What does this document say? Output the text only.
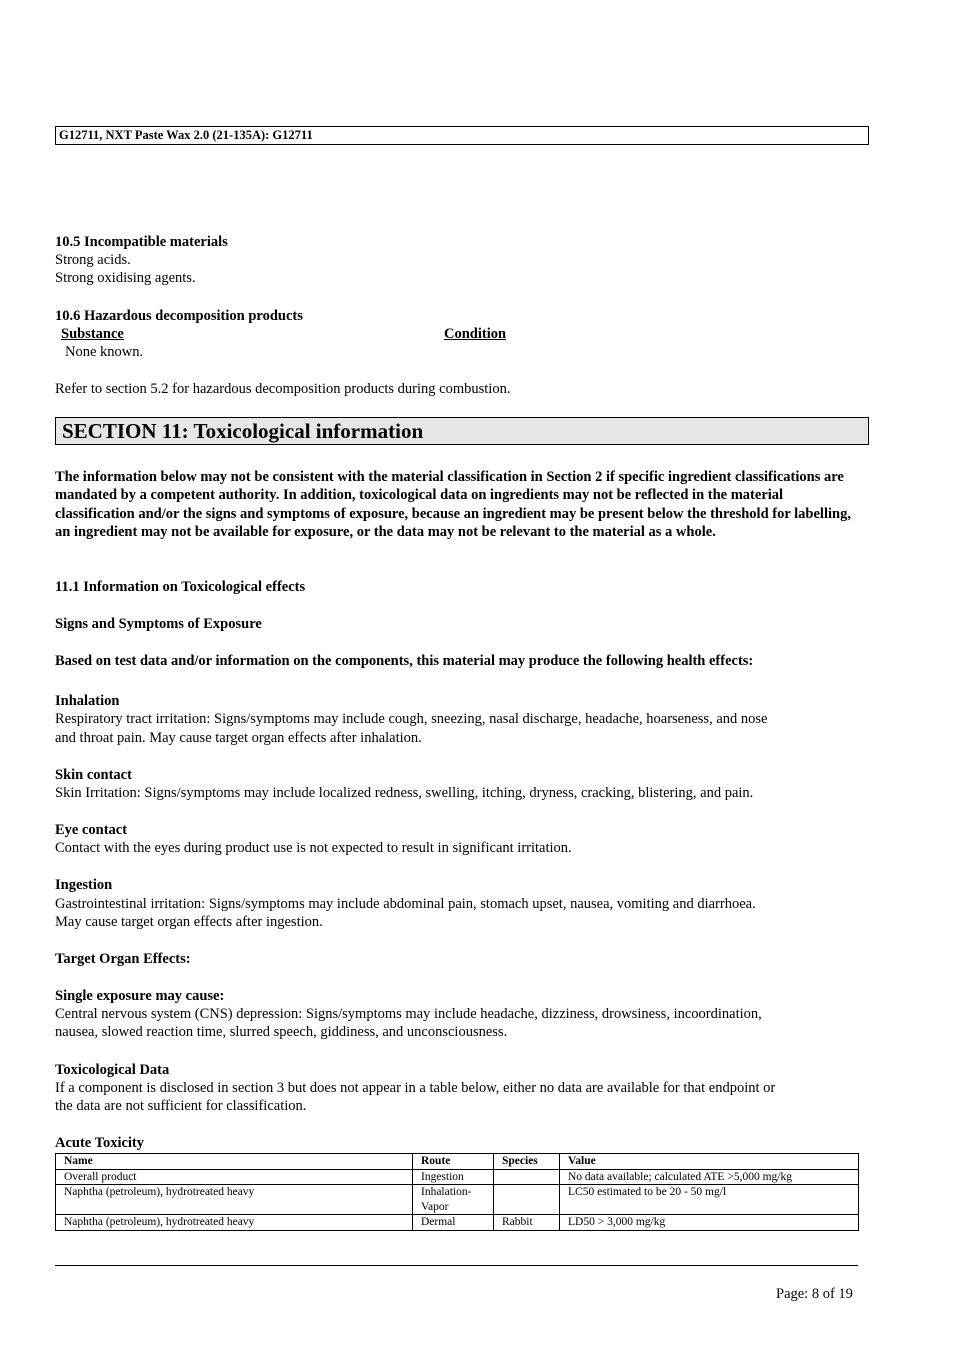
G12711, NXT Paste Wax 2.0 (21-135A): G12711
10.5 Incompatible materials
Strong acids.
Strong oxidising agents.
10.6 Hazardous decomposition products
Substance	Condition
None known.
Refer to section 5.2 for hazardous decomposition products during combustion.
SECTION 11: Toxicological information
The information below may not be consistent with the material classification in Section 2 if specific ingredient classifications are mandated by a competent authority. In addition, toxicological data on ingredients may not be reflected in the material classification and/or the signs and symptoms of exposure, because an ingredient may be present below the threshold for labelling, an ingredient may not be available for exposure, or the data may not be relevant to the material as a whole.
11.1 Information on Toxicological effects
Signs and Symptoms of Exposure
Based on test data and/or information on the components, this material may produce the following health effects:
Inhalation
Respiratory tract irritation: Signs/symptoms may include cough, sneezing, nasal discharge, headache, hoarseness, and nose
and throat pain. May cause target organ effects after inhalation.
Skin contact
Skin Irritation: Signs/symptoms may include localized redness, swelling, itching, dryness, cracking, blistering, and pain.
Eye contact
Contact with the eyes during product use is not expected to result in significant irritation.
Ingestion
Gastrointestinal irritation: Signs/symptoms may include abdominal pain, stomach upset, nausea, vomiting and diarrhoea.
May cause target organ effects after ingestion.
Target Organ Effects:
Single exposure may cause:
Central nervous system (CNS) depression: Signs/symptoms may include headache, dizziness, drowsiness, incoordination,
nausea, slowed reaction time, slurred speech, giddiness, and unconsciousness.
Toxicological Data
If a component is disclosed in section 3 but does not appear in a table below, either no data are available for that endpoint or
the data are not sufficient for classification.
Acute Toxicity
Name	Route	Species	Value
Overall product	Ingestion		No data available; calculated ATE >5,000 mg/kg
Naphtha (petroleum), hydrotreated heavy	Inhalation-Vapor		LC50 estimated to be 20 - 50 mg/l
Naphtha (petroleum), hydrotreated heavy	Dermal	Rabbit	LD50 > 3,000 mg/kg
Page: 8 of 19
